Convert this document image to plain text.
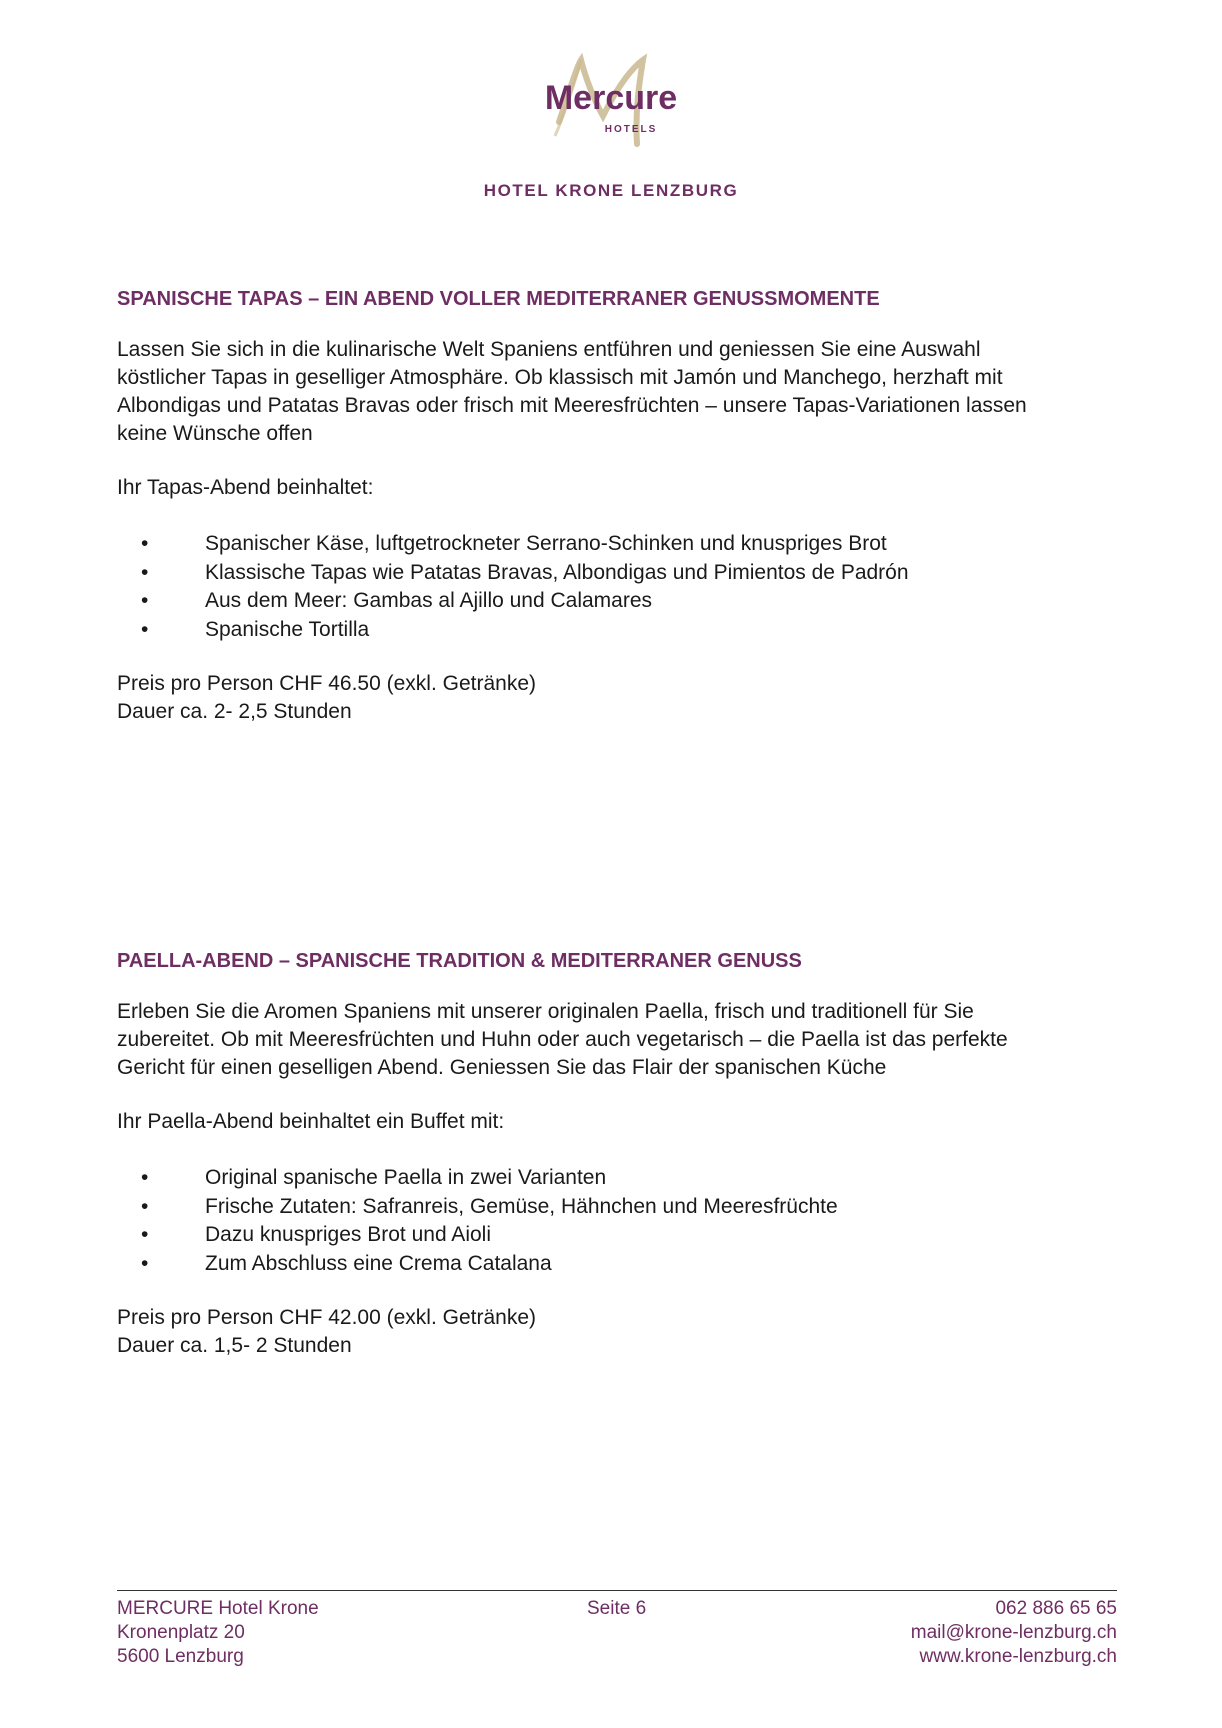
Mercure
HOTELS
HOTEL KRONE LENZBURG
SPANISCHE TAPAS – EIN ABEND VOLLER MEDITERRANER GENUSSMOMENTE

Lassen Sie sich in die kulinarische Welt Spaniens entführen und geniessen Sie eine Auswahl

köstlicher Tapas in geselliger Atmosphäre. Ob klassisch mit Jamón und Manchego, herzhaft mit

Albondigas und Patatas Bravas oder frisch mit Meeresfrüchten – unsere Tapas-Variationen lassen

keine Wünsche offen

Ihr Tapas-Abend beinhaltet:

•	Spanischer Käse, luftgetrockneter Serrano-Schinken und knuspriges Brot
•	Klassische Tapas wie Patatas Bravas, Albondigas und Pimientos de Padrón
•	Aus dem Meer: Gambas al Ajillo und Calamares
•	Spanische Tortilla

Preis pro Person CHF 46.50 (exkl. Getränke)

Dauer ca. 2- 2,5 Stunden

PAELLA-ABEND – SPANISCHE TRADITION & MEDITERRANER GENUSS

Erleben Sie die Aromen Spaniens mit unserer originalen Paella, frisch und traditionell für Sie

zubereitet. Ob mit Meeresfrüchten und Huhn oder auch vegetarisch – die Paella ist das perfekte

Gericht für einen geselligen Abend. Geniessen Sie das Flair der spanischen Küche

Ihr Paella-Abend beinhaltet ein Buffet mit:

•	Original spanische Paella in zwei Varianten
•	Frische Zutaten: Safranreis, Gemüse, Hähnchen und Meeresfrüchte
•	Dazu knuspriges Brot und Aioli
•	Zum Abschluss eine Crema Catalana

Preis pro Person CHF 42.00 (exkl. Getränke)

Dauer ca. 1,5- 2 Stunden

MERCURE Hotel Krone
Kronenplatz 20
5600 Lenzburg
Seite 6	062 886 65 65
mail@krone-lenzburg.ch
www.krone-lenzburg.ch
